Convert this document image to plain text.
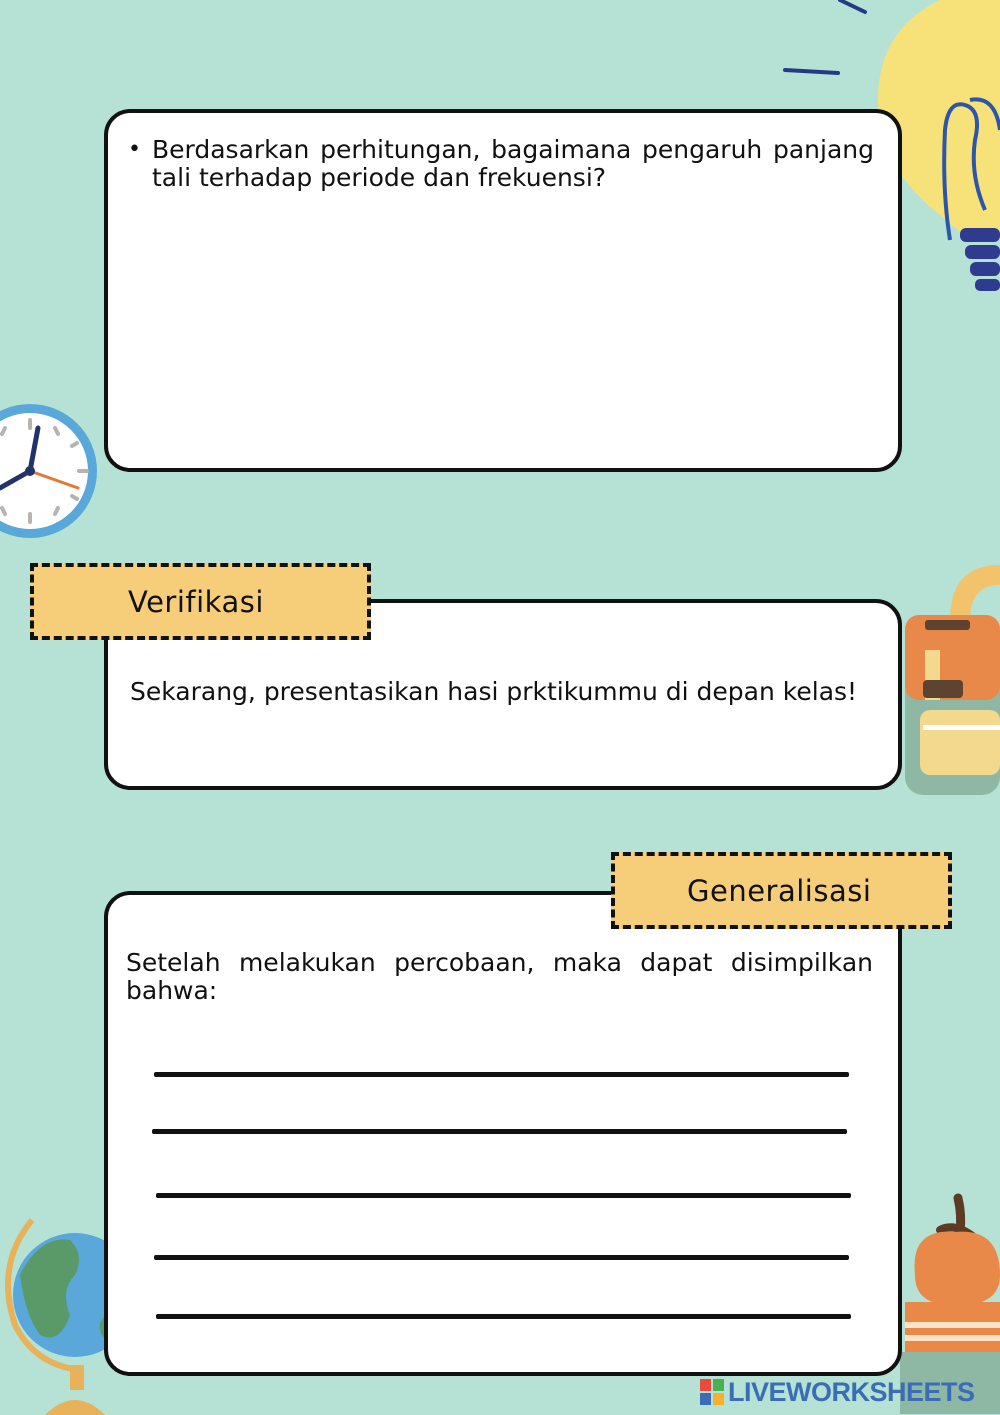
• Berdasarkan perhitungan, bagaimana pengaruh panjang tali terhadap periode dan frekuensi?
Verifikasi
Sekarang, presentasikan hasi prktikummu di depan kelas!
Generalisasi
Setelah melakukan percobaan, maka dapat disimpilkan bahwa:
LIVEWORKSHEETS
